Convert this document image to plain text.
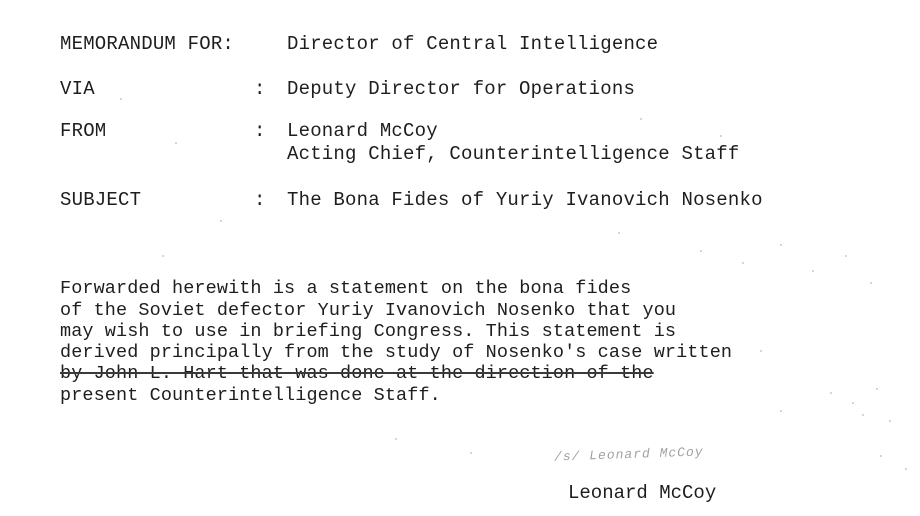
MEMORANDUM FOR:	Director of Central Intelligence
VIA	: Deputy Director for Operations
FROM	: Leonard McCoy
Acting Chief, Counterintelligence Staff
SUBJECT	: The Bona Fides of Yuriy Ivanovich Nosenko
Forwarded herewith is a statement on the bona fides
of the Soviet defector Yuriy Ivanovich Nosenko that you
may wish to use in briefing Congress. This statement is
derived principally from the study of Nosenko's case written
by John L. Hart that was done at the direction of the
present Counterintelligence Staff.
/s/ Leonard McCoy
Leonard McCoy
